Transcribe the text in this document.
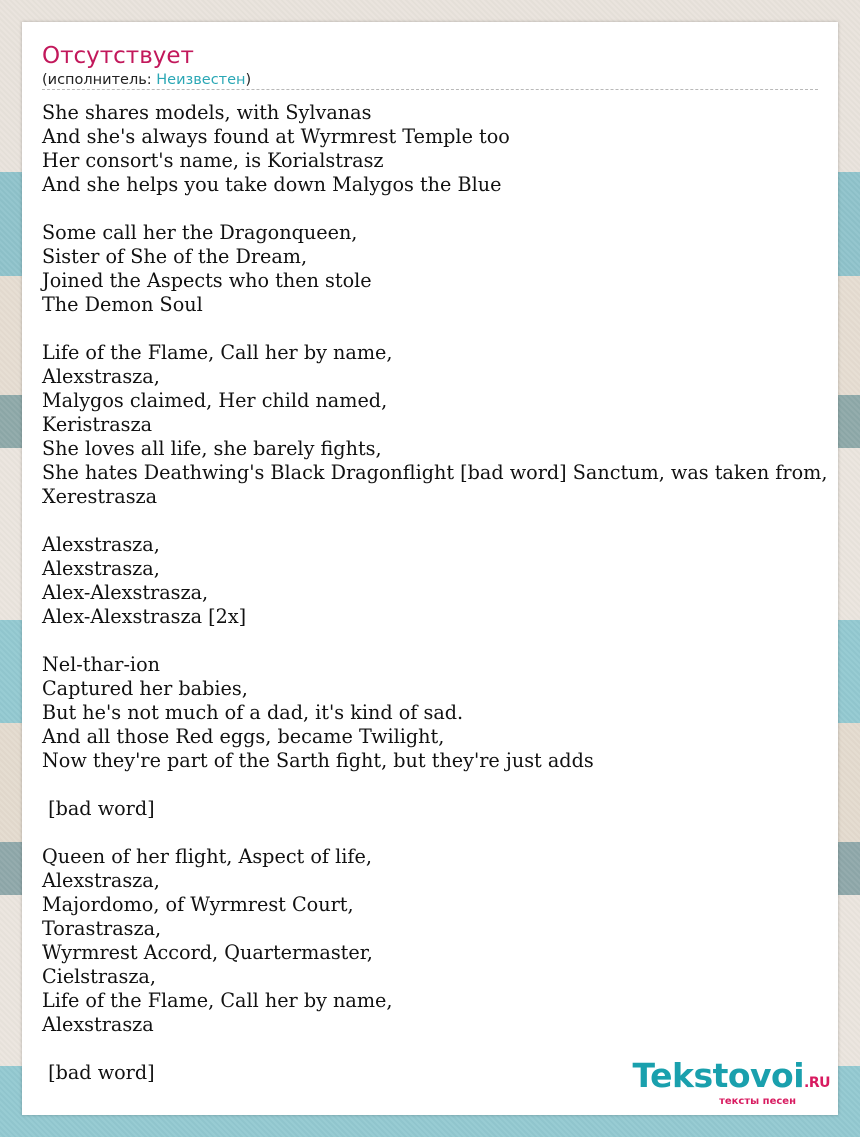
Отсутствует
(исполнитель: Неизвестен)
She shares models, with Sylvanas
And she's always found at Wyrmrest Temple too
Her consort's name, is Korialstrasz
And she helps you take down Malygos the Blue
Some call her the Dragonqueen,
Sister of She of the Dream,
Joined the Aspects who then stole
The Demon Soul
Life of the Flame, Call her by name,
Alexstrasza,
Malygos claimed, Her child named,
Keristrasza
She loves all life, she barely fights,
She hates Deathwing's Black Dragonflight [bad word] Sanctum, was taken from,
Xerestrasza
Alexstrasza,
Alexstrasza,
Alex-Alexstrasza,
Alex-Alexstrasza [2x]
Nel-thar-ion
Captured her babies,
But he's not much of a dad, it's kind of sad.
And all those Red eggs, became Twilight,
Now they're part of the Sarth fight, but they're just adds
[bad word]
Queen of her flight, Aspect of life,
Alexstrasza,
Majordomo, of Wyrmrest Court,
Torastrasza,
Wyrmrest Accord, Quartermaster,
Cielstrasza,
Life of the Flame, Call her by name,
Alexstrasza
[bad word]	Tekstovoi.RU
тексты песен
